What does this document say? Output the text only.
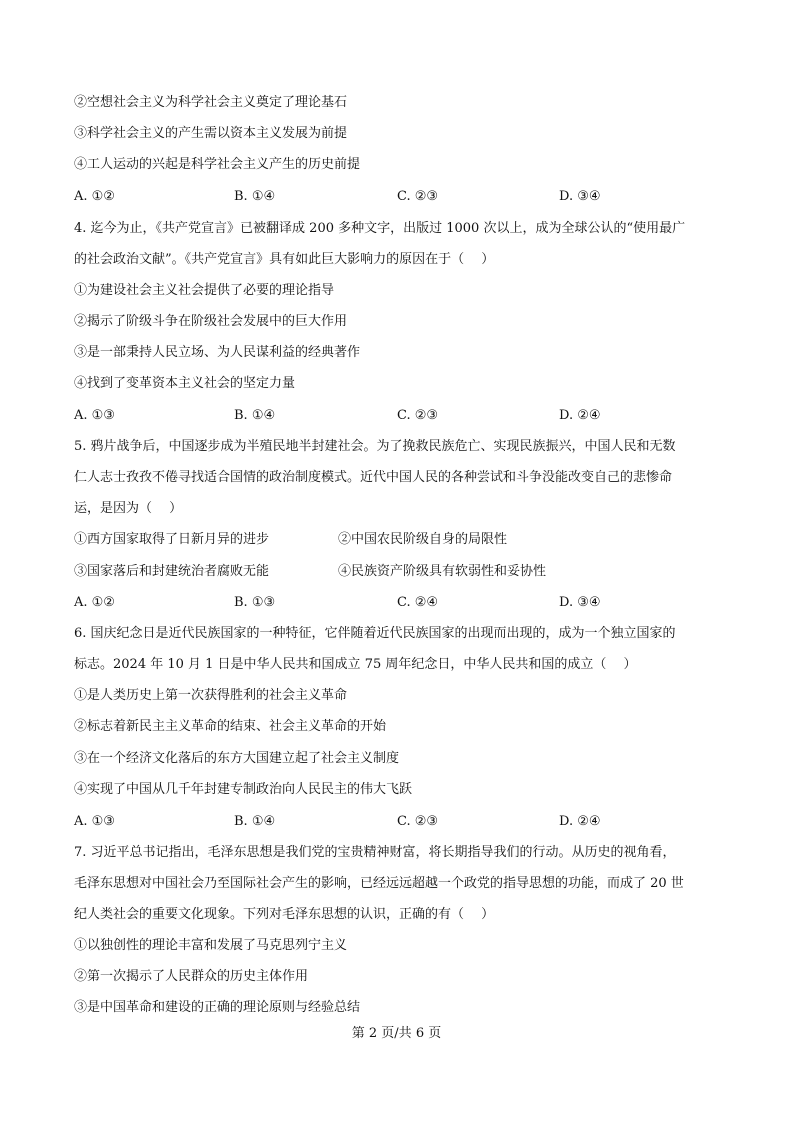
②空想社会主义为科学社会主义奠定了理论基石
③科学社会主义的产生需以资本主义发展为前提
④工人运动的兴起是科学社会主义产生的历史前提
A. ①②	B. ①④	C. ②③	D. ③④
4. 迄今为止，《共产党宣言》已被翻译成 200 多种文字，出版过 1000 次以上，成为全球公认的“使用最广
的社会政治文献”。《共产党宣言》具有如此巨大影响力的原因在于（　 ）
①为建设社会主义社会提供了必要的理论指导
②揭示了阶级斗争在阶级社会发展中的巨大作用
③是一部秉持人民立场、为人民谋利益的经典著作
④找到了变革资本主义社会的坚定力量
A. ①③	B. ①④	C. ②③	D. ②④
5. 鸦片战争后，中国逐步成为半殖民地半封建社会。为了挽救民族危亡、实现民族振兴，中国人民和无数
仁人志士孜孜不倦寻找适合国情的政治制度模式。近代中国人民的各种尝试和斗争没能改变自己的悲惨命
运，是因为（　 ）
①西方国家取得了日新月异的进步	②中国农民阶级自身的局限性
③国家落后和封建统治者腐败无能	④民族资产阶级具有软弱性和妥协性
A. ①②	B. ①③	C. ②④	D. ③④
6. 国庆纪念日是近代民族国家的一种特征，它伴随着近代民族国家的出现而出现的，成为一个独立国家的
标志。2024 年 10 月 1 日是中华人民共和国成立 75 周年纪念日，中华人民共和国的成立（　 ）
①是人类历史上第一次获得胜利的社会主义革命
②标志着新民主主义革命的结束、社会主义革命的开始
③在一个经济文化落后的东方大国建立起了社会主义制度
④实现了中国从几千年封建专制政治向人民民主的伟大飞跃
A. ①③	B. ①④	C. ②③	D. ②④
7. 习近平总书记指出，毛泽东思想是我们党的宝贵精神财富，将长期指导我们的行动。从历史的视角看，
毛泽东思想对中国社会乃至国际社会产生的影响，已经远远超越一个政党的指导思想的功能，而成了 20 世
纪人类社会的重要文化现象。下列对毛泽东思想的认识，正确的有（　 ）
①以独创性的理论丰富和发展了马克思列宁主义
②第一次揭示了人民群众的历史主体作用
③是中国革命和建设的正确的理论原则与经验总结
第 2 页/共 6 页
